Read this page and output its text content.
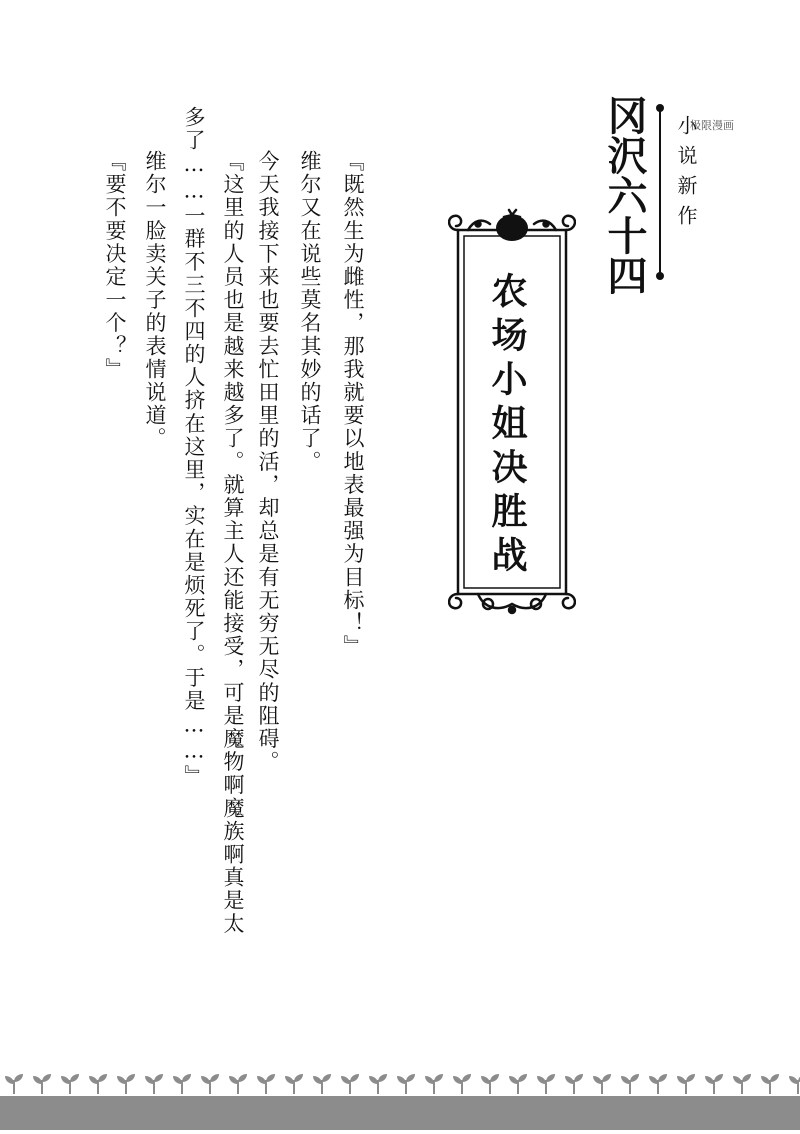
冈沢六十四 小说新作
极限漫画
农场小姐决胜战
『既然生为雌性，那我就要以地表最强为目标！』
维尔又在说些莫名其妙的话了。
今天我接下来也要去忙田里的活，却总是有无穷无尽的阻碍。
『这里的人员也是越来越多了。就算主人还能接受，可是魔物啊魔族啊真是太
多了……一群不三不四的人挤在这里，实在是烦死了。于是……』
维尔一脸卖关子的表情说道。
『要不要决定一个？』
